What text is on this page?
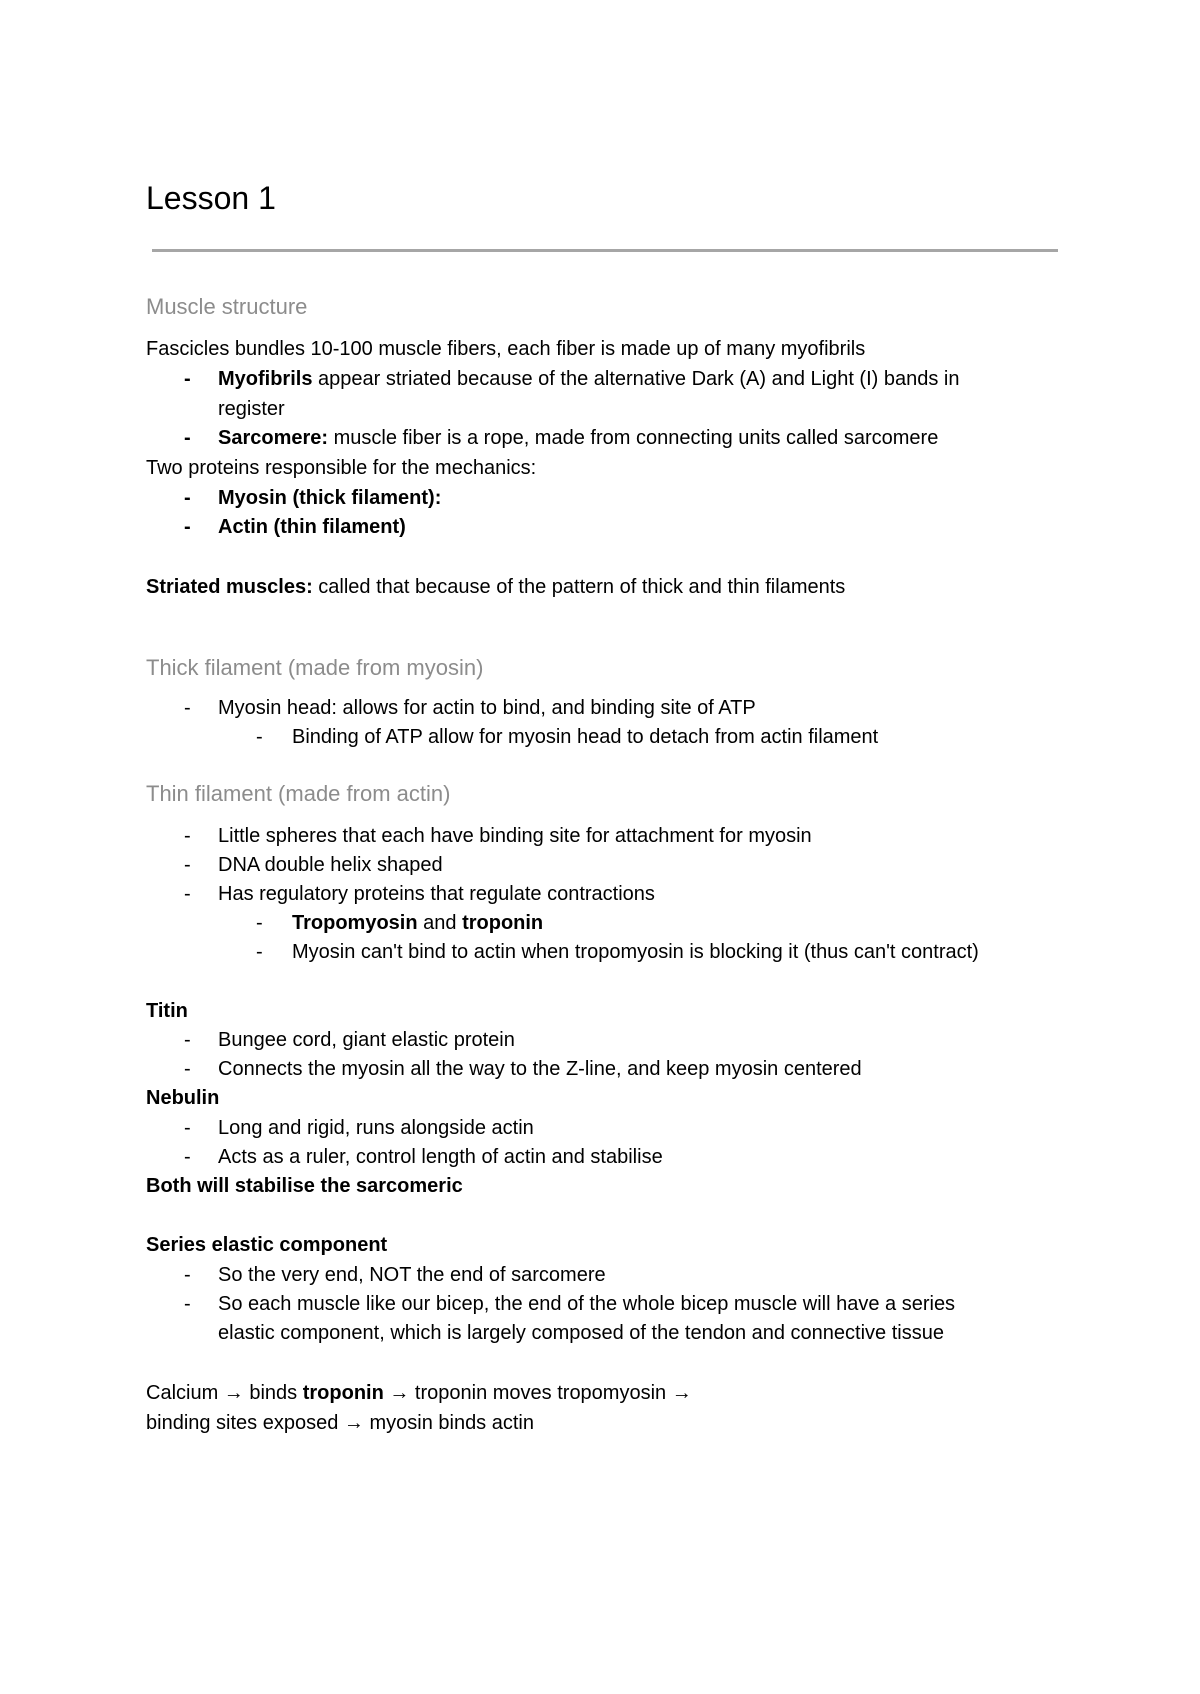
Lesson 1
Muscle structure
Fascicles bundles 10-100 muscle fibers, each fiber is made up of many myofibrils
-	Myofibrils appear striated because of the alternative Dark (A) and Light (I) bands in
register
-	Sarcomere: muscle fiber is a rope, made from connecting units called sarcomere
Two proteins responsible for the mechanics:
-	Myosin (thick filament):
-	Actin (thin filament)
Striated muscles: called that because of the pattern of thick and thin filaments
Thick filament (made from myosin)
-	Myosin head: allows for actin to bind, and binding site of ATP
-	Binding of ATP allow for myosin head to detach from actin filament
Thin filament (made from actin)
-	Little spheres that each have binding site for attachment for myosin
-	DNA double helix shaped
-	Has regulatory proteins that regulate contractions
-	Tropomyosin and troponin
-	Myosin can't bind to actin when tropomyosin is blocking it (thus can't contract)
Titin
-	Bungee cord, giant elastic protein
-	Connects the myosin all the way to the Z-line, and keep myosin centered
Nebulin
-	Long and rigid, runs alongside actin
-	Acts as a ruler, control length of actin and stabilise
Both will stabilise the sarcomeric
Series elastic component
-	So the very end, NOT the end of sarcomere
-	So each muscle like our bicep, the end of the whole bicep muscle will have a series
elastic component, which is largely composed of the tendon and connective tissue
Calcium → binds troponin → troponin moves tropomyosin →
binding sites exposed → myosin binds actin
